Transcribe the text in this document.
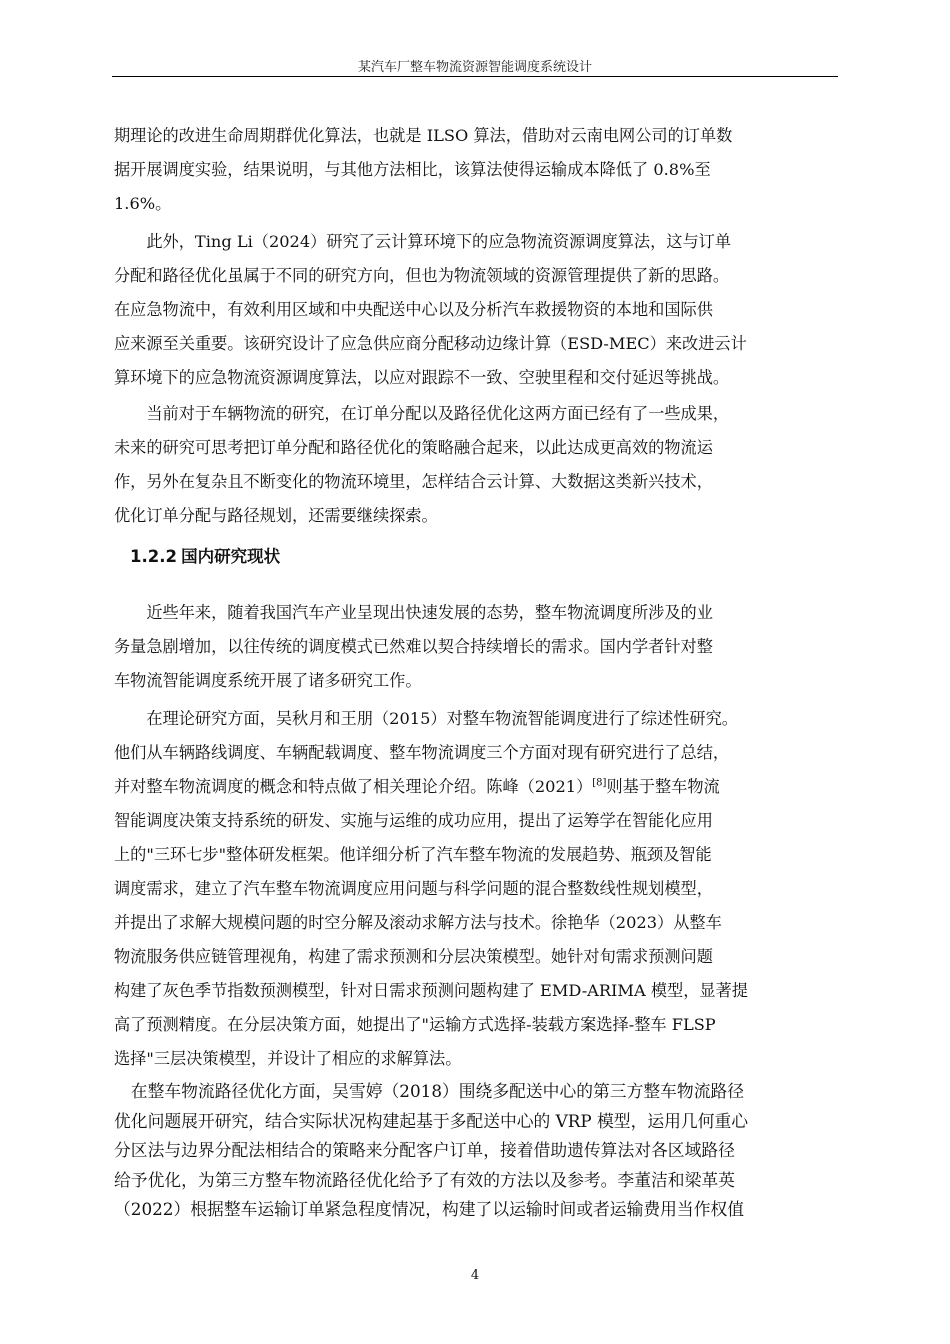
某汽车厂整车物流资源智能调度系统设计
期理论的改进生命周期群优化算法，也就是 ILSO 算法，借助对云南电网公司的订单数
据开展调度实验，结果说明，与其他方法相比，该算法使得运输成本降低了 0.8%至
1.6%。
　　此外，Ting Li（2024）研究了云计算环境下的应急物流资源调度算法，这与订单
分配和路径优化虽属于不同的研究方向，但也为物流领域的资源管理提供了新的思路。
在应急物流中，有效利用区域和中央配送中心以及分析汽车救援物资的本地和国际供
应来源至关重要。该研究设计了应急供应商分配移动边缘计算（ESD-MEC）来改进云计
算环境下的应急物流资源调度算法，以应对跟踪不一致、空驶里程和交付延迟等挑战。
　　当前对于车辆物流的研究，在订单分配以及路径优化这两方面已经有了一些成果，
未来的研究可思考把订单分配和路径优化的策略融合起来，以此达成更高效的物流运
作，另外在复杂且不断变化的物流环境里，怎样结合云计算、大数据这类新兴技术，
优化订单分配与路径规划，还需要继续探索。
1.2.2 国内研究现状
　　近些年来，随着我国汽车产业呈现出快速发展的态势，整车物流调度所涉及的业
务量急剧增加，以往传统的调度模式已然难以契合持续增长的需求。国内学者针对整
车物流智能调度系统开展了诸多研究工作。
　　在理论研究方面，吴秋月和王朋（2015）对整车物流智能调度进行了综述性研究。
他们从车辆路线调度、车辆配载调度、整车物流调度三个方面对现有研究进行了总结，
并对整车物流调度的概念和特点做了相关理论介绍。陈峰（2021）[8]则基于整车物流
智能调度决策支持系统的研发、实施与运维的成功应用，提出了运筹学在智能化应用
上的"三环七步"整体研发框架。他详细分析了汽车整车物流的发展趋势、瓶颈及智能
调度需求，建立了汽车整车物流调度应用问题与科学问题的混合整数线性规划模型，
并提出了求解大规模问题的时空分解及滚动求解方法与技术。徐艳华（2023）从整车
物流服务供应链管理视角，构建了需求预测和分层决策模型。她针对旬需求预测问题
构建了灰色季节指数预测模型，针对日需求预测问题构建了 EMD-ARIMA 模型，显著提
高了预测精度。在分层决策方面，她提出了"运输方式选择-装载方案选择-整车 FLSP
选择"三层决策模型，并设计了相应的求解算法。
　在整车物流路径优化方面，吴雪婷（2018）围绕多配送中心的第三方整车物流路径
优化问题展开研究，结合实际状况构建起基于多配送中心的 VRP 模型，运用几何重心
分区法与边界分配法相结合的策略来分配客户订单，接着借助遗传算法对各区域路径
给予优化，为第三方整车物流路径优化给予了有效的方法以及参考。李董洁和梁革英
（2022）根据整车运输订单紧急程度情况，构建了以运输时间或者运输费用当作权值
4
